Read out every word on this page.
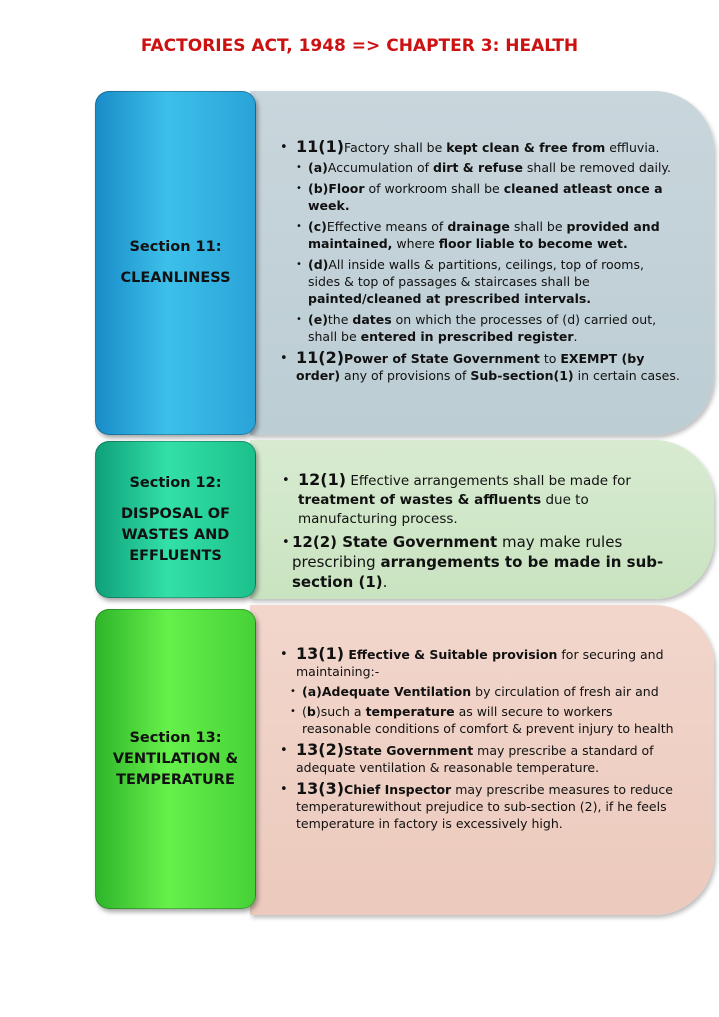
FACTORIES ACT, 1948 => CHAPTER 3: HEALTH
Section 11:
CLEANLINESS

• 11(1)Factory shall be kept clean & free from effluvia.

• (a)Accumulation of dirt & refuse shall be removed daily.

• (b)Floor of workroom shall be cleaned atleast once a week.

• (c)Effective means of drainage shall be provided and maintained, where floor liable to become wet.

• (d)All inside walls & partitions, ceilings, top of rooms, sides & top of passages & staircases shall be painted/cleaned at prescribed intervals.

• (e)the dates on which the processes of (d) carried out, shall be entered in prescribed register.

• 11(2)Power of State Government to EXEMPT (by order) any of provisions of Sub-section(1) in certain cases.

Section 12:
DISPOSAL OF
WASTES AND
EFFLUENTS

• 12(1) Effective arrangements shall be made for treatment of wastes & affluents due to manufacturing process.

• 12(2) State Government may make rules prescribing arrangements to be made in sub-section (1).

Section 13:
VENTILATION &
TEMPERATURE

• 13(1) Effective & Suitable provision for securing and maintaining:-

• (a)Adequate Ventilation by circulation of fresh air and

• (b)such a temperature as will secure to workers reasonable conditions of comfort & prevent injury to health

• 13(2)State Government may prescribe a standard of adequate ventilation & reasonable temperature.

• 13(3)Chief Inspector may prescribe measures to reduce temperaturewithout prejudice to sub-section (2), if he feels temperature in factory is excessively high.
